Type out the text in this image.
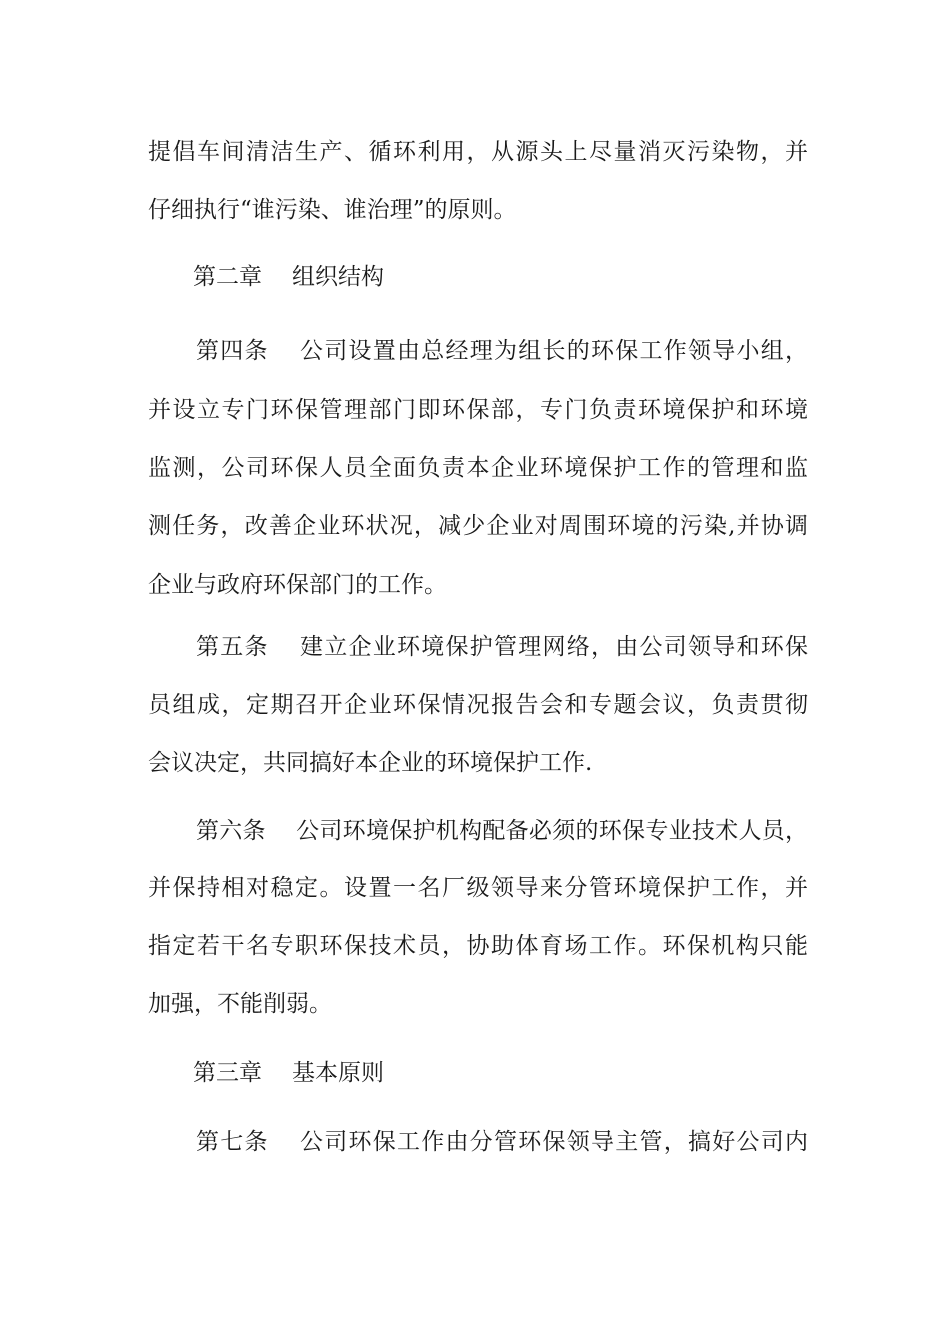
提倡车间清洁生产、循环利用，从源头上尽量消灭污染物，并
仔细执行“谁污染、谁治理”的原则。
第二章 组织结构
第四条 公司设置由总经理为组长的环保工作领导小组，
并设立专门环保管理部门即环保部，专门负责环境保护和环境
监测，公司环保人员全面负责本企业环境保护工作的管理和监
测任务，改善企业环状况，减少企业对周围环境的污染,并协调
企业与政府环保部门的工作。
第五条 建立企业环境保护管理网络，由公司领导和环保
员组成，定期召开企业环保情况报告会和专题会议，负责贯彻
会议决定，共同搞好本企业的环境保护工作.
第六条 公司环境保护机构配备必须的环保专业技术人员，
并保持相对稳定。设置一名厂级领导来分管环境保护工作，并
指定若干名专职环保技术员，协助体育场工作。环保机构只能
加强，不能削弱。
第三章 基本原则
第七条 公司环保工作由分管环保领导主管，搞好公司内
